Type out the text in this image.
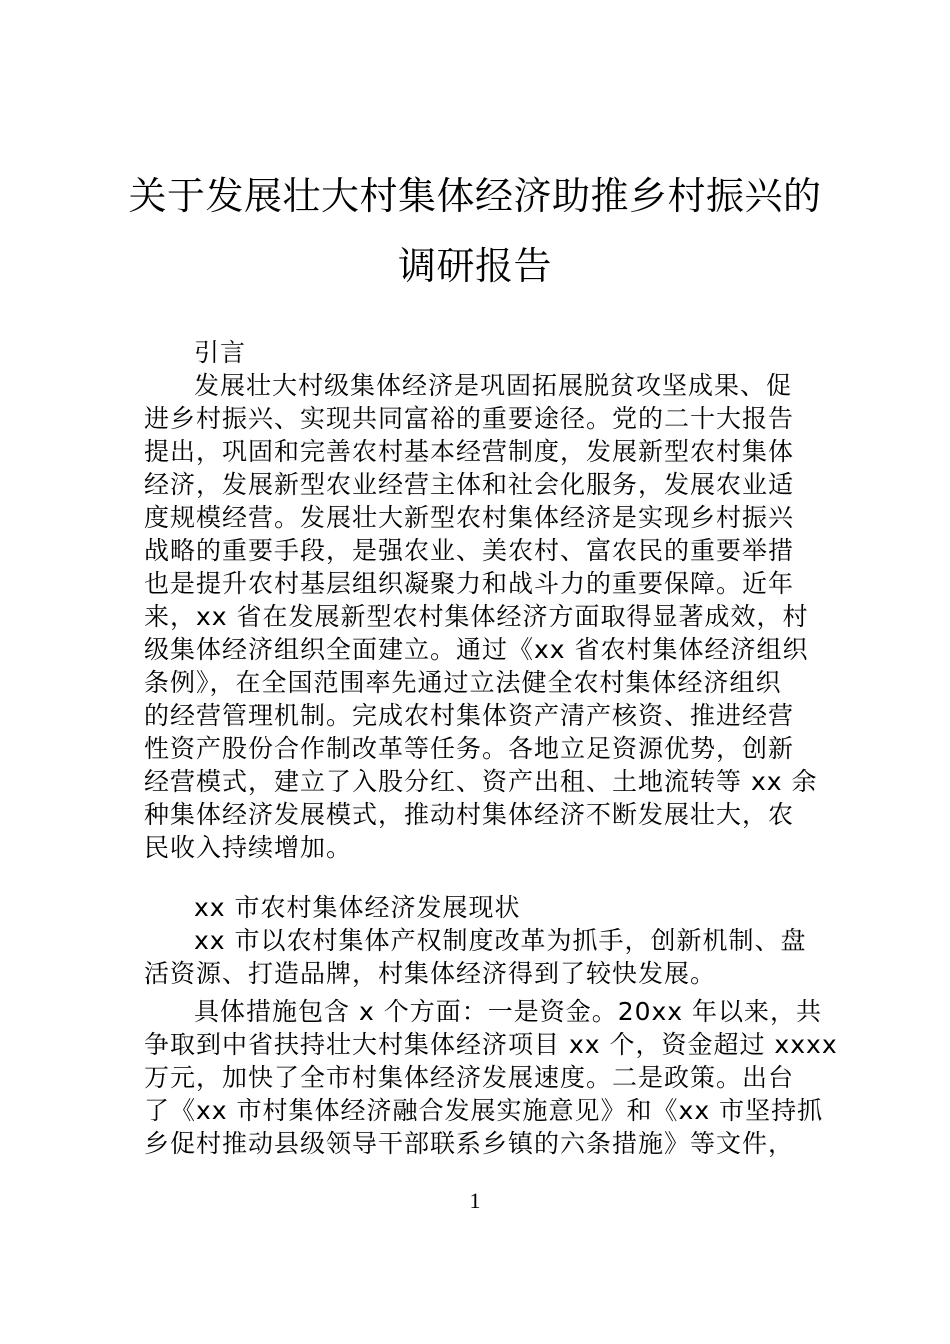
关于发展壮大村集体经济助推乡村振兴的
调研报告
引言
发展壮大村级集体经济是巩固拓展脱贫攻坚成果、促
进乡村振兴、实现共同富裕的重要途径。党的二十大报告
提出，巩固和完善农村基本经营制度，发展新型农村集体
经济，发展新型农业经营主体和社会化服务，发展农业适
度规模经营。发展壮大新型农村集体经济是实现乡村振兴
战略的重要手段，是强农业、美农村、富农民的重要举措
也是提升农村基层组织凝聚力和战斗力的重要保障。近年
来，xx 省在发展新型农村集体经济方面取得显著成效，村
级集体经济组织全面建立。通过《xx 省农村集体经济组织
条例》，在全国范围率先通过立法健全农村集体经济组织
的经营管理机制。完成农村集体资产清产核资、推进经营
性资产股份合作制改革等任务。各地立足资源优势，创新
经营模式，建立了入股分红、资产出租、土地流转等 xx 余
种集体经济发展模式，推动村集体经济不断发展壮大，农
民收入持续增加。
xx 市农村集体经济发展现状
xx 市以农村集体产权制度改革为抓手，创新机制、盘
活资源、打造品牌，村集体经济得到了较快发展。
具体措施包含 x 个方面：一是资金。20xx 年以来，共
争取到中省扶持壮大村集体经济项目 xx 个，资金超过 xxxx
万元，加快了全市村集体经济发展速度。二是政策。出台
了《xx 市村集体经济融合发展实施意见》和《xx 市坚持抓
乡促村推动县级领导干部联系乡镇的六条措施》等文件，
1
